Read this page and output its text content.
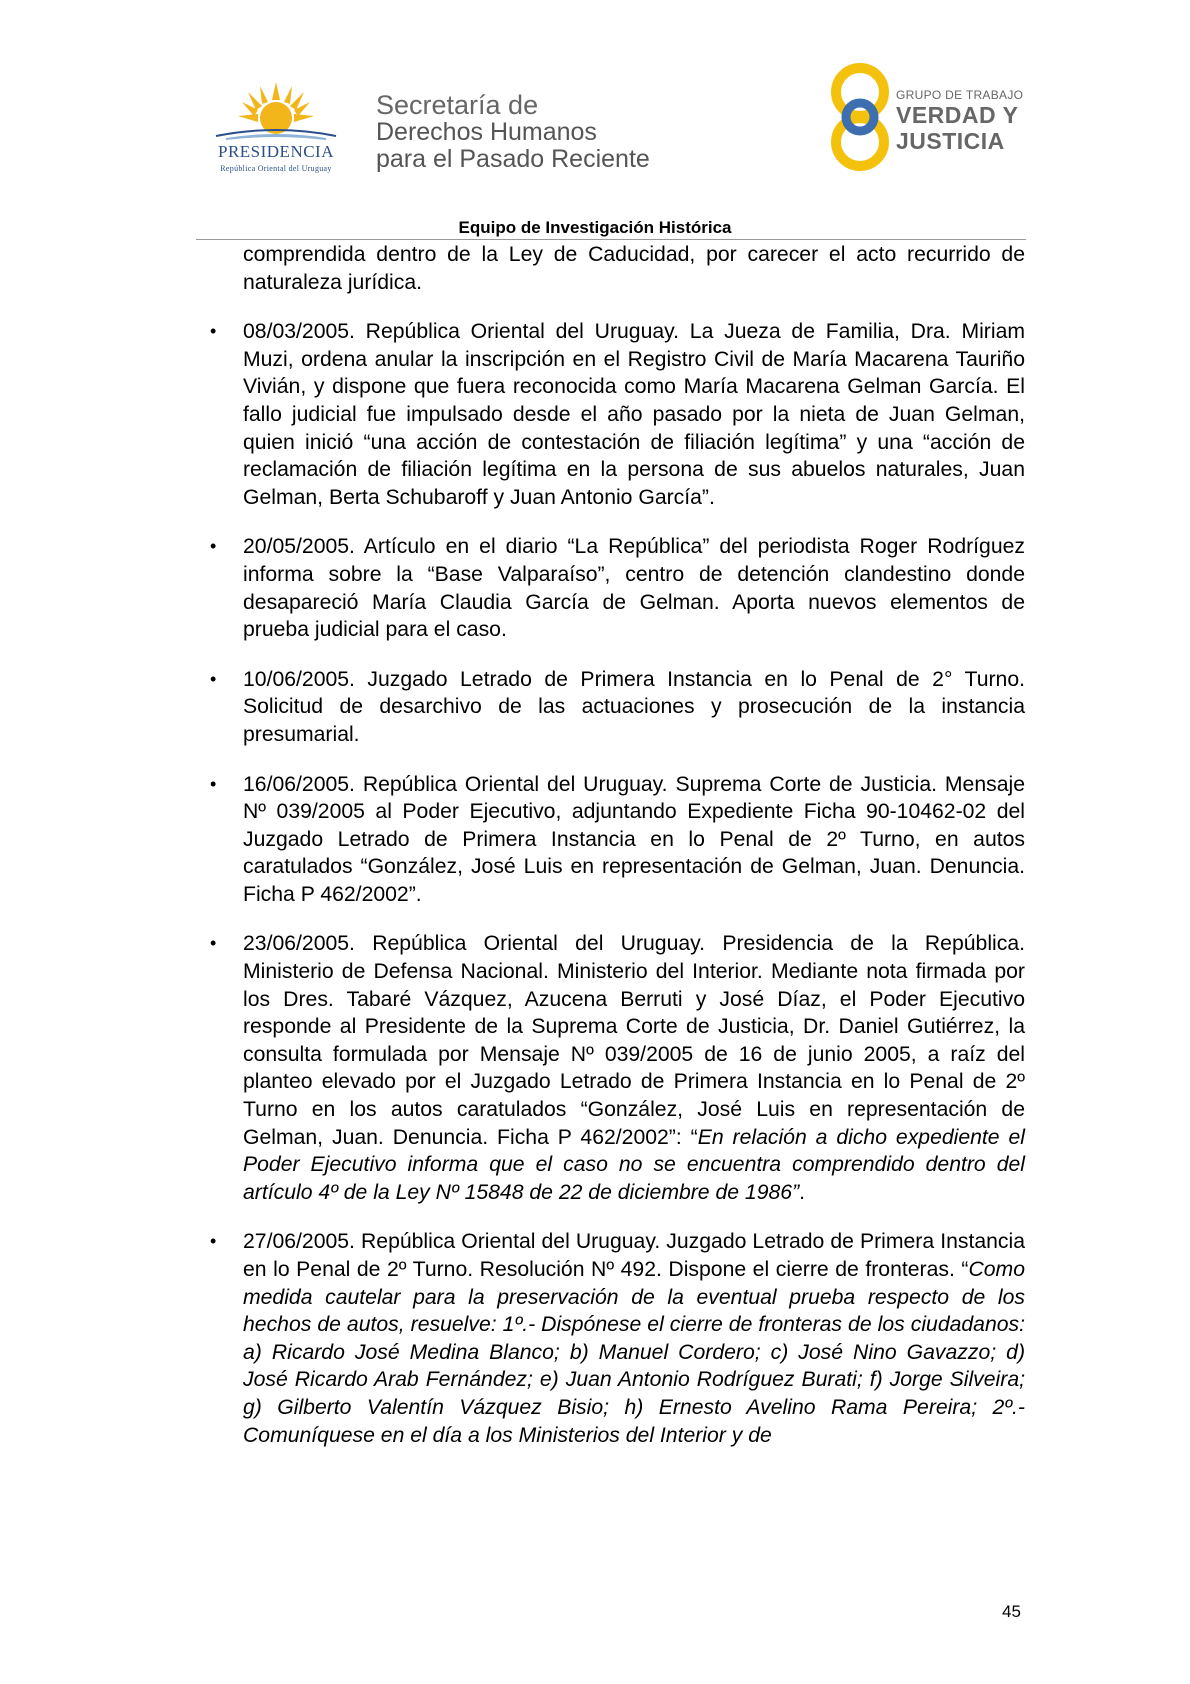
PRESIDENCIA
República Oriental del Uruguay
Secretaría de
Derechos Humanos
para el Pasado Reciente
GRUPO DE TRABAJO
VERDAD Y
JUSTICIA
Equipo de Investigación Histórica

comprendida dentro de la Ley de Caducidad, por carecer el acto recurrido de naturaleza jurídica.

• 08/03/2005. República Oriental del Uruguay. La Jueza de Familia, Dra. Miriam Muzi, ordena anular la inscripción en el Registro Civil de María Macarena Tauriño Vivián, y dispone que fuera reconocida como María Macarena Gelman García. El fallo judicial fue impulsado desde el año pasado por la nieta de Juan Gelman, quien inició “una acción de contestación de filiación legítima” y una “acción de reclamación de filiación legítima en la persona de sus abuelos naturales, Juan Gelman, Berta Schubaroff y Juan Antonio García”.
• 20/05/2005. Artículo en el diario “La República” del periodista Roger Rodríguez informa sobre la “Base Valparaíso”, centro de detención clandestino donde desapareció María Claudia García de Gelman. Aporta nuevos elementos de prueba judicial para el caso.
• 10/06/2005. Juzgado Letrado de Primera Instancia en lo Penal de 2° Turno. Solicitud de desarchivo de las actuaciones y prosecución de la instancia presumarial.
• 16/06/2005. República Oriental del Uruguay. Suprema Corte de Justicia. Mensaje Nº 039/2005 al Poder Ejecutivo, adjuntando Expediente Ficha 90-10462-02 del Juzgado Letrado de Primera Instancia en lo Penal de 2º Turno, en autos caratulados “González, José Luis en representación de Gelman, Juan. Denuncia. Ficha P 462/2002”.
• 23/06/2005. República Oriental del Uruguay. Presidencia de la República. Ministerio de Defensa Nacional. Ministerio del Interior. Mediante nota firmada por los Dres. Tabaré Vázquez, Azucena Berruti y José Díaz, el Poder Ejecutivo responde al Presidente de la Suprema Corte de Justicia, Dr. Daniel Gutiérrez, la consulta formulada por Mensaje Nº 039/2005 de 16 de junio 2005, a raíz del planteo elevado por el Juzgado Letrado de Primera Instancia en lo Penal de 2º Turno en los autos caratulados “González, José Luis en representación de Gelman, Juan. Denuncia. Ficha P 462/2002”: “En relación a dicho expediente el Poder Ejecutivo informa que el caso no se encuentra comprendido dentro del artículo 4º de la Ley Nº 15848 de 22 de diciembre de 1986”.
• 27/06/2005. República Oriental del Uruguay. Juzgado Letrado de Primera Instancia en lo Penal de 2º Turno. Resolución Nº 492. Dispone el cierre de fronteras. “Como medida cautelar para la preservación de la eventual prueba respecto de los hechos de autos, resuelve: 1º.- Dispónese el cierre de fronteras de los ciudadanos: a) Ricardo José Medina Blanco; b) Manuel Cordero; c) José Nino Gavazzo; d) José Ricardo Arab Fernández; e) Juan Antonio Rodríguez Burati; f) Jorge Silveira; g) Gilberto Valentín Vázquez Bisio; h) Ernesto Avelino Rama Pereira; 2º.- Comuníquese en el día a los Ministerios del Interior y de
45
